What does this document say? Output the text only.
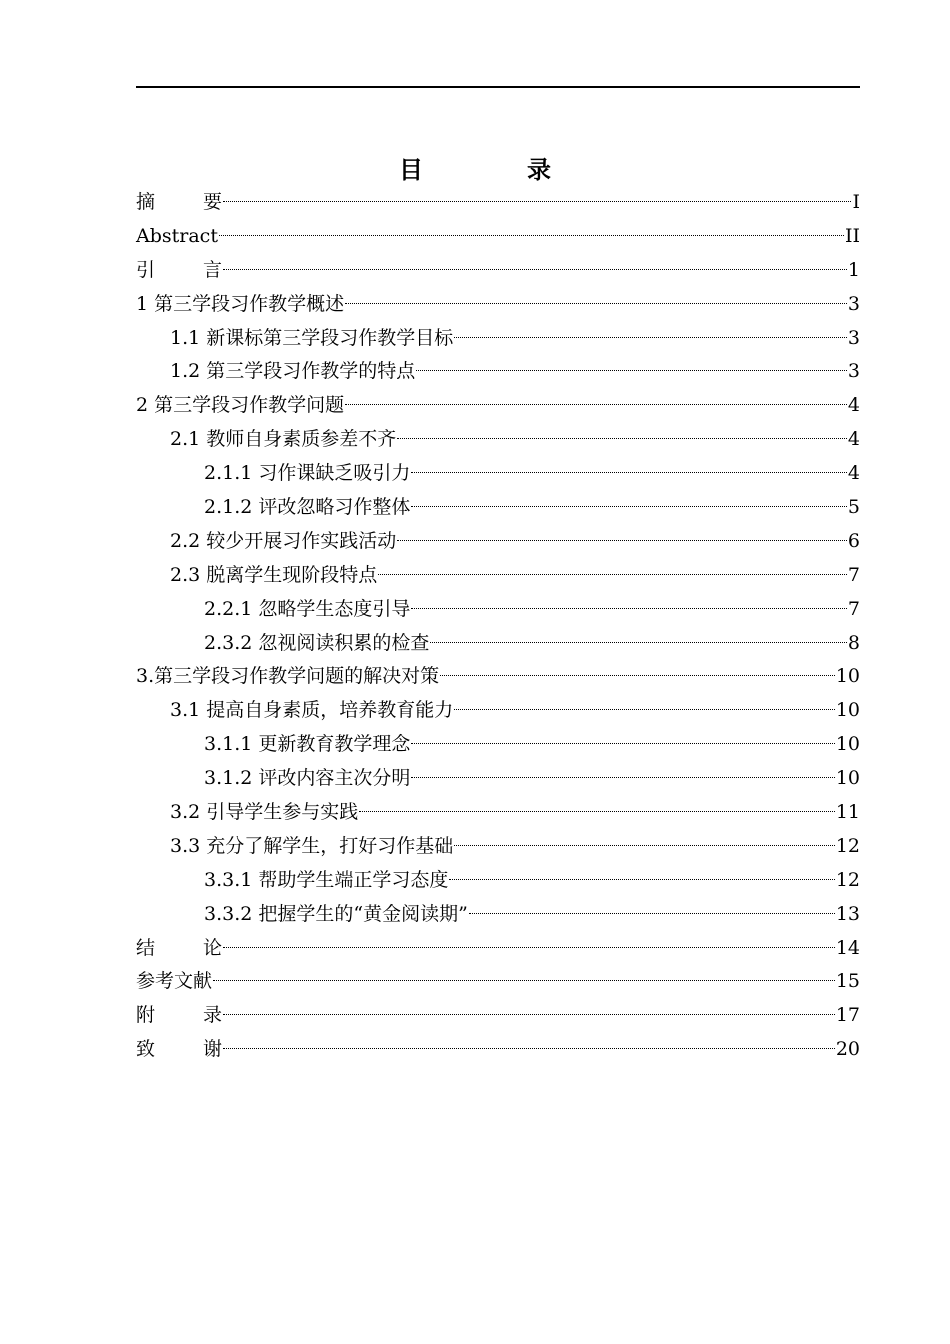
目　录
摘要	I
Abstract	II
引言	1
1 第三学段习作教学概述	3
1.1 新课标第三学段习作教学目标	3
1.2 第三学段习作教学的特点	3
2 第三学段习作教学问题	4
2.1 教师自身素质参差不齐	4
2.1.1 习作课缺乏吸引力	4
2.1.2 评改忽略习作整体	5
2.2 较少开展习作实践活动	6
2.3 脱离学生现阶段特点	7
2.2.1 忽略学生态度引导	7
2.3.2 忽视阅读积累的检查	8
3.第三学段习作教学问题的解决对策	10
3.1 提高自身素质，培养教育能力	10
3.1.1 更新教育教学理念	10
3.1.2 评改内容主次分明	10
3.2 引导学生参与实践	11
3.3 充分了解学生，打好习作基础	12
3.3.1 帮助学生端正学习态度	12
3.3.2 把握学生的“黄金阅读期”	13
结论	14
参考文献	15
附录	17
致谢	20
